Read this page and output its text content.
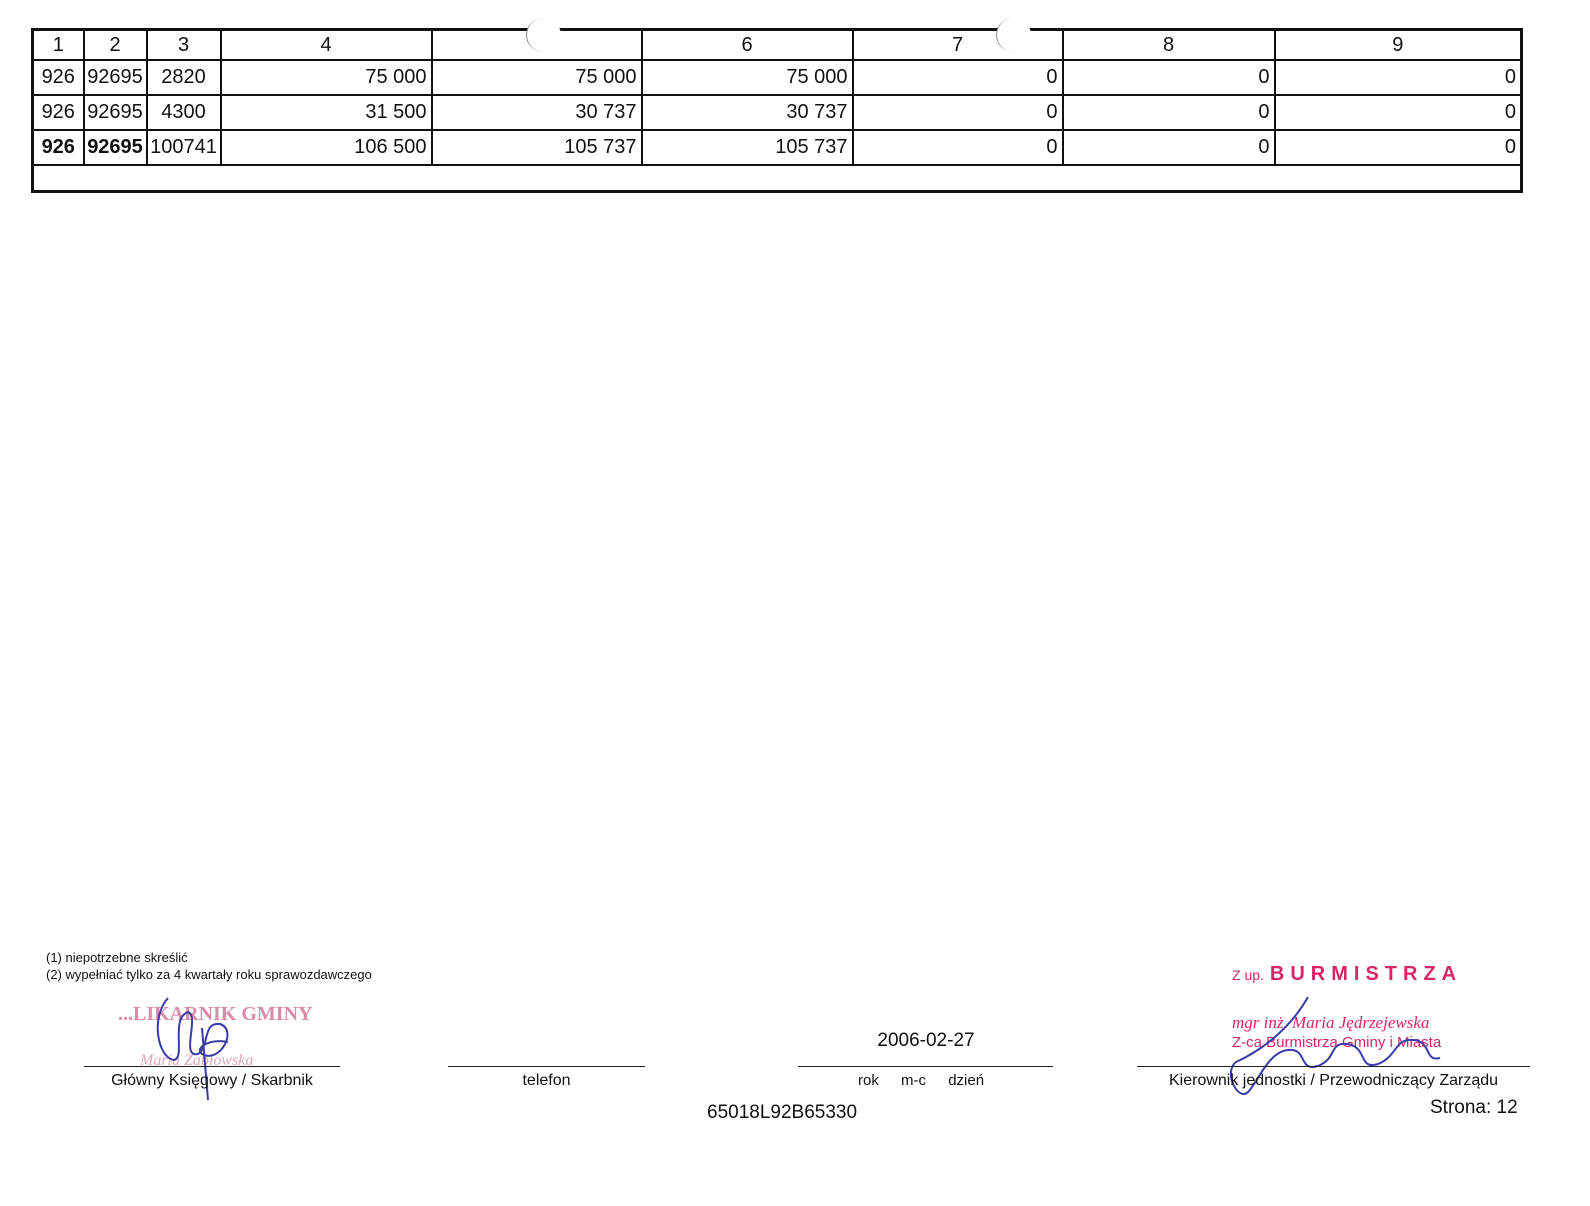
1	2	3	4		6	7	8	9
926	92695	2820	75 000	75 000	75 000	0	0	0
926	92695	4300	31 500	30 737	30 737	0	0	0
926	92695	100741	106 500	105 737	105 737	0	0	0

(1) niepotrzebne skreślić
(2) wypełniać tylko za 4 kwartały roku sprawozdawczego
...LIKARNIK GMINY
Maria Zabłowska
Główny Księgowy / Skarbnik	telefon
2006-02-27
rok m-c dzień
Z up. BURMISTRZA
mgr inż. Maria Jędrzejewska
Z-ca Burmistrza Gminy i Miasta
Kierownik jednostki / Przewodniczący Zarządu
65018L92B65330	Strona: 12
